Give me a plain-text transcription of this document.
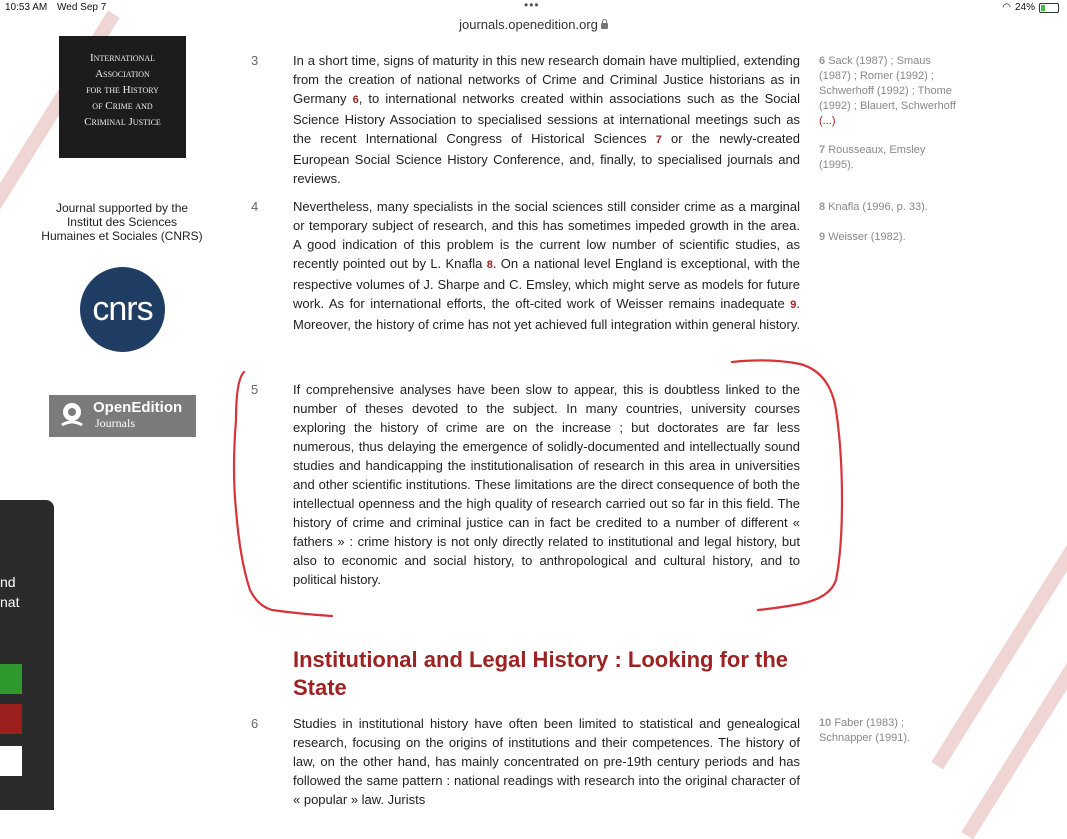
10:53 AM Wed Sep 7	•••	◠ 24%
journals.openedition.org
International
Association
for the History
of Crime and
Criminal Justice
Journal supported by the Institut des Sciences Humaines et Sociales (CNRS)
cnrs
OpenEdition
Journals
nd
nat
3	In a short time, signs of maturity in this new research domain have multiplied, extending from the creation of national networks of Crime and Criminal Justice historians as in Germany 6, to international networks created within associations such as the Social Science History Association to specialised sessions at international meetings such as the recent International Congress of Historical Sciences 7 or the newly-created European Social Science History Conference, and, finally, to specialised journals and reviews.
4	Nevertheless, many specialists in the social sciences still consider crime as a marginal or temporary subject of research, and this has sometimes impeded growth in the area. A good indication of this problem is the current low number of scientific studies, as recently pointed out by L. Knafla 8. On a national level England is exceptional, with the respective volumes of J. Sharpe and C. Emsley, which might serve as models for future work. As for international efforts, the oft-cited work of Weisser remains inadequate 9. Moreover, the history of crime has not yet achieved full integration within general history.
5	If comprehensive analyses have been slow to appear, this is doubtless linked to the number of theses devoted to the subject. In many countries, university courses exploring the history of crime are on the increase ; but doctorates are far less numerous, thus delaying the emergence of solidly-documented and intellectually sound studies and handicapping the institutionalisation of research in this area in universities and other scientific institutions. These limitations are the direct consequence of both the intellectual openness and the high quality of research carried out so far in this field. The history of crime and criminal justice can in fact be credited to a number of different « fathers » : crime history is not only directly related to institutional and legal history, but also to economic and social history, to anthropological and cultural history, and to political history.
Institutional and Legal History : Looking for the State
6	Studies in institutional history have often been limited to statistical and genealogical research, focusing on the origins of institutions and their competences. The history of law, on the other hand, has mainly concentrated on pre-19th century periods and has followed the same pattern : national readings with research into the original character of « popular » law. Jurists
6 Sack (1987) ; Smaus (1987) ; Romer (1992) ; Schwerhoff (1992) ; Thome (1992) ; Blauert, Schwerhoff (...)
7 Rousseaux, Emsley (1995).
8 Knafla (1996, p. 33).
9 Weisser (1982).
10 Faber (1983) ; Schnapper (1991).
